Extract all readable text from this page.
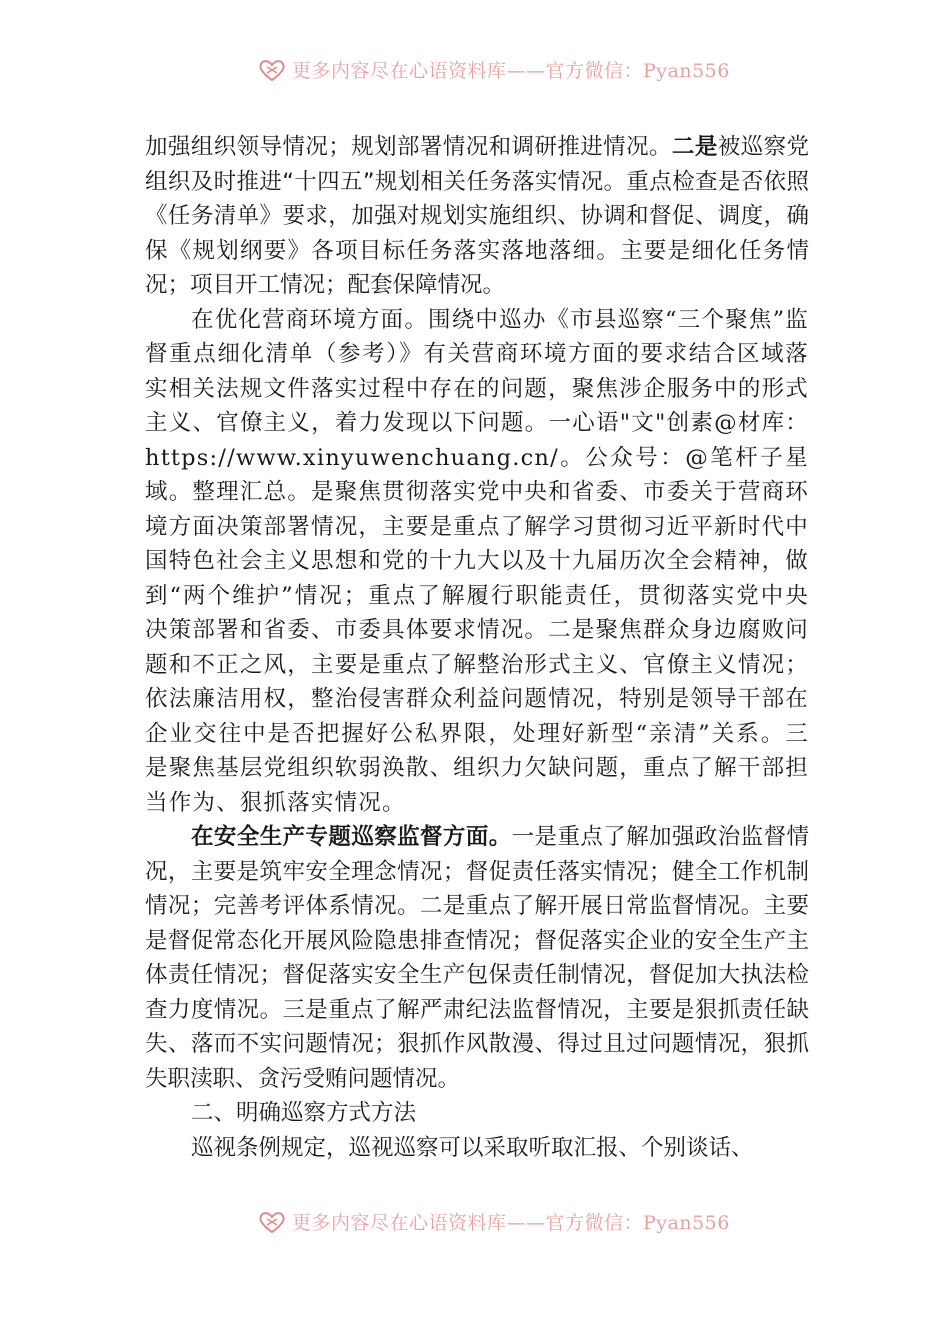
更多内容尽在心语资料库——官方微信：Pyan556

加强组织领导情况；规划部署情况和调研推进情况。二是被巡察党组织及时推进“十四五”规划相关任务落实情况。重点检查是否依照《任务清单》要求，加强对规划实施组织、协调和督促、调度，确保《规划纲要》各项目标任务落实落地落细。主要是细化任务情况；项目开工情况；配套保障情况。

在优化营商环境方面。围绕中巡办《市县巡察“三个聚焦”监督重点细化清单（参考）》有关营商环境方面的要求结合区域落实相关法规文件落实过程中存在的问题，聚焦涉企服务中的形式主义、官僚主义，着力发现以下问题。一心语"文"创素@材库：https://www.xinyuwenchuang.cn/。公众号：@笔杆子星域。整理汇总。是聚焦贯彻落实党中央和省委、市委关于营商环境方面决策部署情况，主要是重点了解学习贯彻习近平新时代中国特色社会主义思想和党的十九大以及十九届历次全会精神，做到“两个维护”情况；重点了解履行职能责任，贯彻落实党中央决策部署和省委、市委具体要求情况。二是聚焦群众身边腐败问题和不正之风，主要是重点了解整治形式主义、官僚主义情况；依法廉洁用权，整治侵害群众利益问题情况，特别是领导干部在企业交往中是否把握好公私界限，处理好新型“亲清”关系。三是聚焦基层党组织软弱涣散、组织力欠缺问题，重点了解干部担当作为、狠抓落实情况。

在安全生产专题巡察监督方面。一是重点了解加强政治监督情况，主要是筑牢安全理念情况；督促责任落实情况；健全工作机制情况；完善考评体系情况。二是重点了解开展日常监督情况。主要是督促常态化开展风险隐患排查情况；督促落实企业的安全生产主体责任情况；督促落实安全生产包保责任制情况，督促加大执法检查力度情况。三是重点了解严肃纪法监督情况，主要是狠抓责任缺失、落而不实问题情况；狠抓作风散漫、得过且过问题情况，狠抓失职渎职、贪污受贿问题情况。

二、明确巡察方式方法

巡视条例规定，巡视巡察可以采取听取汇报、个别谈话、

更多内容尽在心语资料库——官方微信：Pyan556
